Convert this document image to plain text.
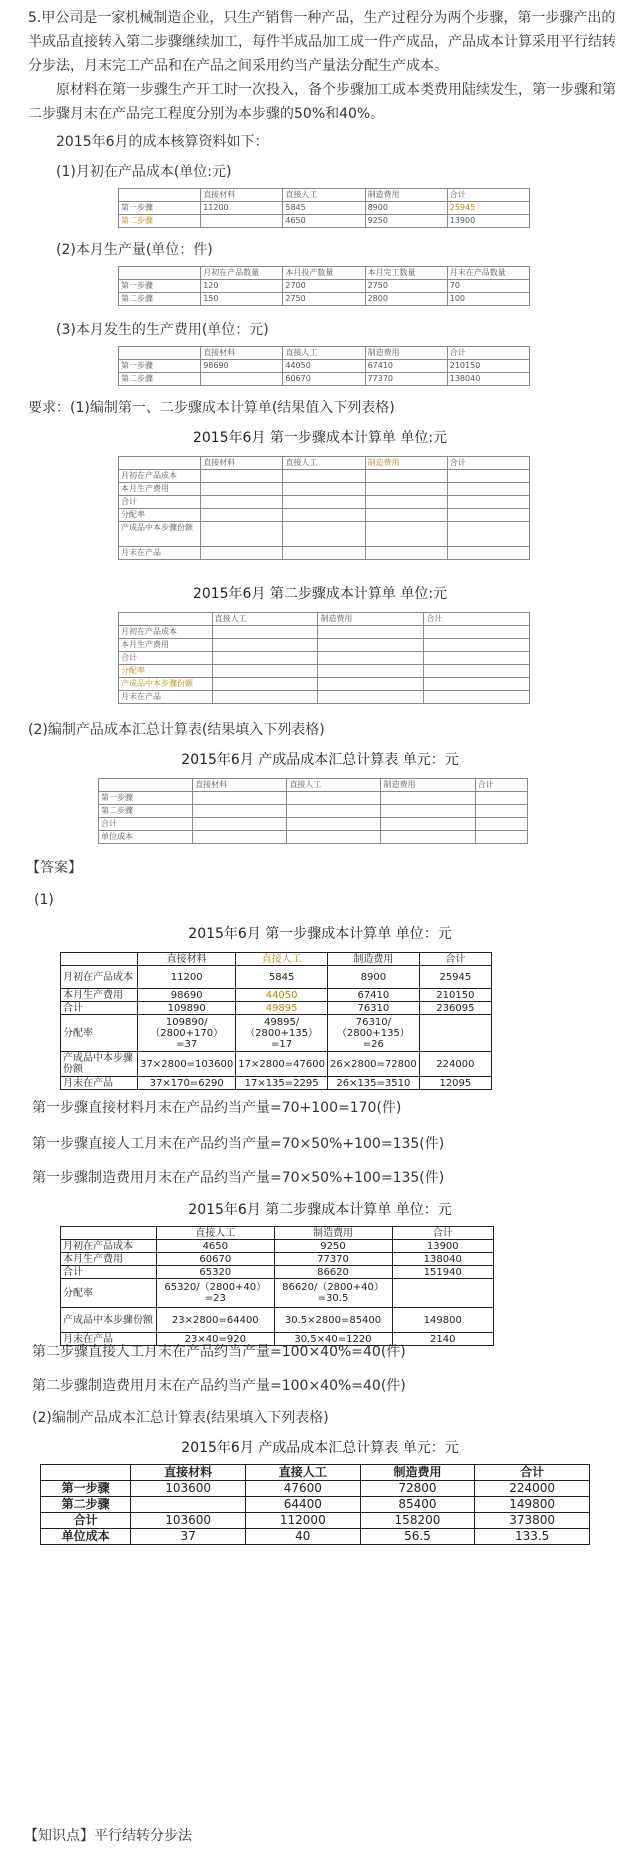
5.甲公司是一家机械制造企业，只生产销售一种产品，生产过程分为两个步骤，第一步骤产出的半成品直接转入第二步骤继续加工，每件半成品加工成一件产成品，产品成本计算采用平行结转分步法，月末完工产品和在产品之间采用约当产量法分配生产成本。
原材料在第一步骤生产开工时一次投入，备个步骤加工成本类费用陆续发生，第一步骤和第二步骤月末在产品完工程度分别为本步骤的50%和40%。
2015年6月的成本核算资料如下：
(1)月初在产品成本(单位:元)
	直接材料	直接人工	制造费用	合计
第一步骤	11200	5845	8900	25945
第二步骤		4650	9250	13900
(2)本月生产量(单位：件)
	月初在产品数量	本月投产数量	本月完工数量	月末在产品数量
第一步骤	120	2700	2750	70
第二步骤	150	2750	2800	100
(3)本月发生的生产费用(单位：元)
	直接材料	直接人工	制造费用	合计
第一步骤	98690	44050	67410	210150
第二步骤		60670	77370	138040
要求：(1)编制第一、二步骤成本计算单(结果值入下列表格)
2015年6月 第一步骤成本计算单 单位:元
	直接材料	直接人工	制造费用	合计
月初在产品成本				
本月生产费用				
合计				
分配率				
产成品中本步骤份额				
月末在产品				
2015年6月 第二步骤成本计算单 单位:元
	直接人工	制造费用	合计
月初在产品成本			
本月生产费用			
合计			
分配率			
产成品中本步骤份额			
月末在产品			
(2)编制产品成本汇总计算表(结果填入下列表格)
2015年6月 产成品成本汇总计算表 单元：元
	直接材料	直接人工	制造费用	合计
第一步骤				
第二步骤				
合计				
单位成本				
【答案】
(1)
2015年6月 第一步骤成本计算单 单位：元
	直接材料	直接人工	制造费用	合计
月初在产品成本	11200	5845	8900	25945
本月生产费用	98690	44050	67410	210150
合计	109890	49895	76310	236095
分配率	109890/（2800+170）=37	49895/（2800+135）=17	76310/（2800+135）=26	
产成品中本步骤份额	37×2800=103600	17×2800=47600	26×2800=72800	224000
月末在产品	37×170=6290	17×135=2295	26×135=3510	12095
第一步骤直接材料月末在产品约当产量=70+100=170(件)
第一步骤直接人工月末在产品约当产量=70×50%+100=135(件)
第一步骤制造费用月末在产品约当产量=70×50%+100=135(件)
2015年6月 第二步骤成本计算单 单位：元
	直接人工	制造费用	合计
月初在产品成本	4650	9250	13900
本月生产费用	60670	77370	138040
合计	65320	86620	151940
分配率	65320/（2800+40）=23	86620/（2800+40）=30.5	
产成品中本步骤份额	23×2800=64400	30.5×2800=85400	149800
月末在产品	23×40=920	30.5×40=1220	2140
第二步骤直接人工月末在产品约当产量=100×40%=40(件)
第二步骤制造费用月末在产品约当产量=100×40%=40(件)
(2)编制产品成本汇总计算表(结果填入下列表格)
2015年6月 产成品成本汇总计算表 单元：元
	直接材料	直接人工	制造费用	合计
第一步骤	103600	47600	72800	224000
第二步骤		64400	85400	149800
合计	103600	112000	158200	373800
单位成本	37	40	56.5	133.5
【知识点】平行结转分步法
